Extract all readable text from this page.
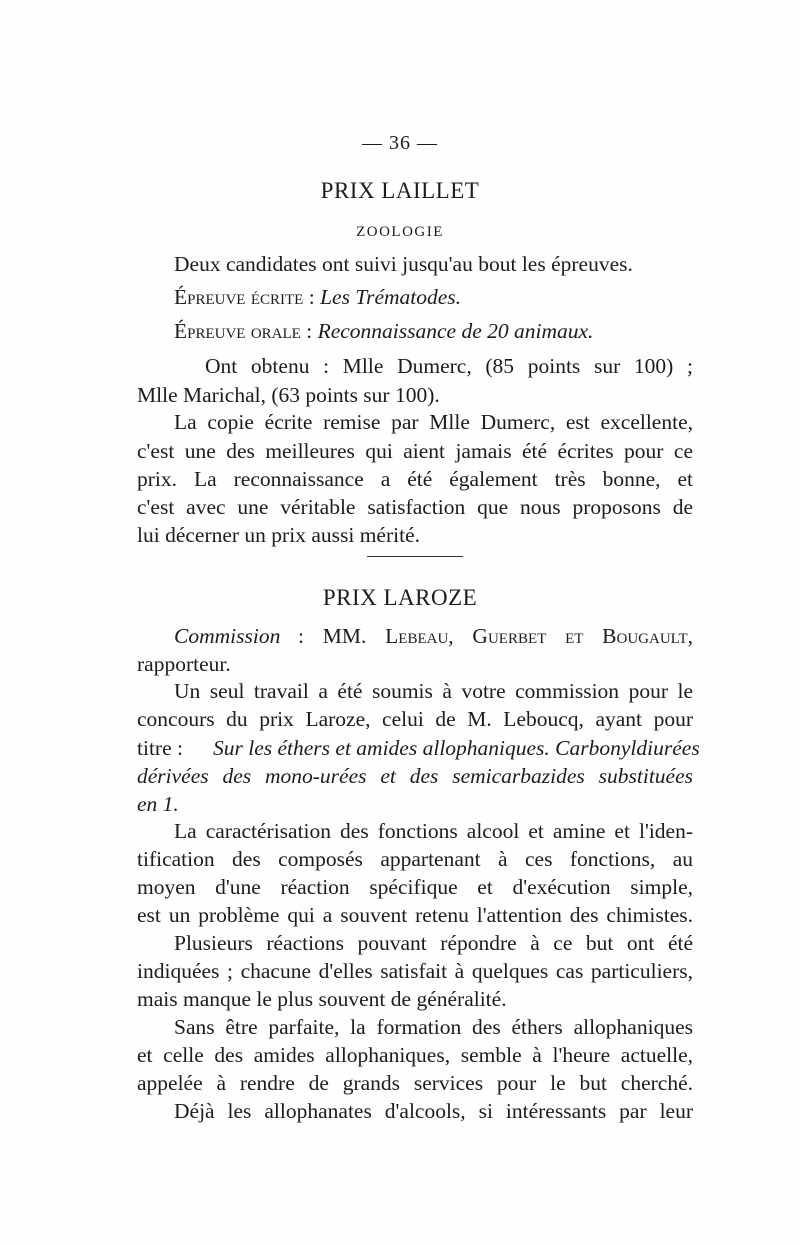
— 36 —
PRIX LAILLET
ZOOLOGIE
Deux candidates ont suivi jusqu'au bout les épreuves.
Épreuve écrite : Les Trématodes.
Épreuve orale : Reconnaissance de 20 animaux.
Ont obtenu : Mlle Dumerc, (85 points sur 100) ;
Mlle Marichal, (63 points sur 100).
La copie écrite remise par Mlle Dumerc, est excellente,
c'est une des meilleures qui aient jamais été écrites pour ce
prix. La reconnaissance a été également très bonne, et
c'est avec une véritable satisfaction que nous proposons de
lui décerner un prix aussi mérité.
PRIX LAROZE
Commission : MM. Lebeau, Guerbet et Bougault,
rapporteur.
Un seul travail a été soumis à votre commission pour le
concours du prix Laroze, celui de M. Leboucq, ayant pour
titre : Sur les éthers et amides allophaniques. Carbonyldiurées
dérivées des mono-urées et des semicarbazides substituées
en 1.
La caractérisation des fonctions alcool et amine et l'iden-
tification des composés appartenant à ces fonctions, au
moyen d'une réaction spécifique et d'exécution simple,
est un problème qui a souvent retenu l'attention des chimistes.
Plusieurs réactions pouvant répondre à ce but ont été
indiquées ; chacune d'elles satisfait à quelques cas particuliers,
mais manque le plus souvent de généralité.
Sans être parfaite, la formation des éthers allophaniques
et celle des amides allophaniques, semble à l'heure actuelle,
appelée à rendre de grands services pour le but cherché.
Déjà les allophanates d'alcools, si intéressants par leur
